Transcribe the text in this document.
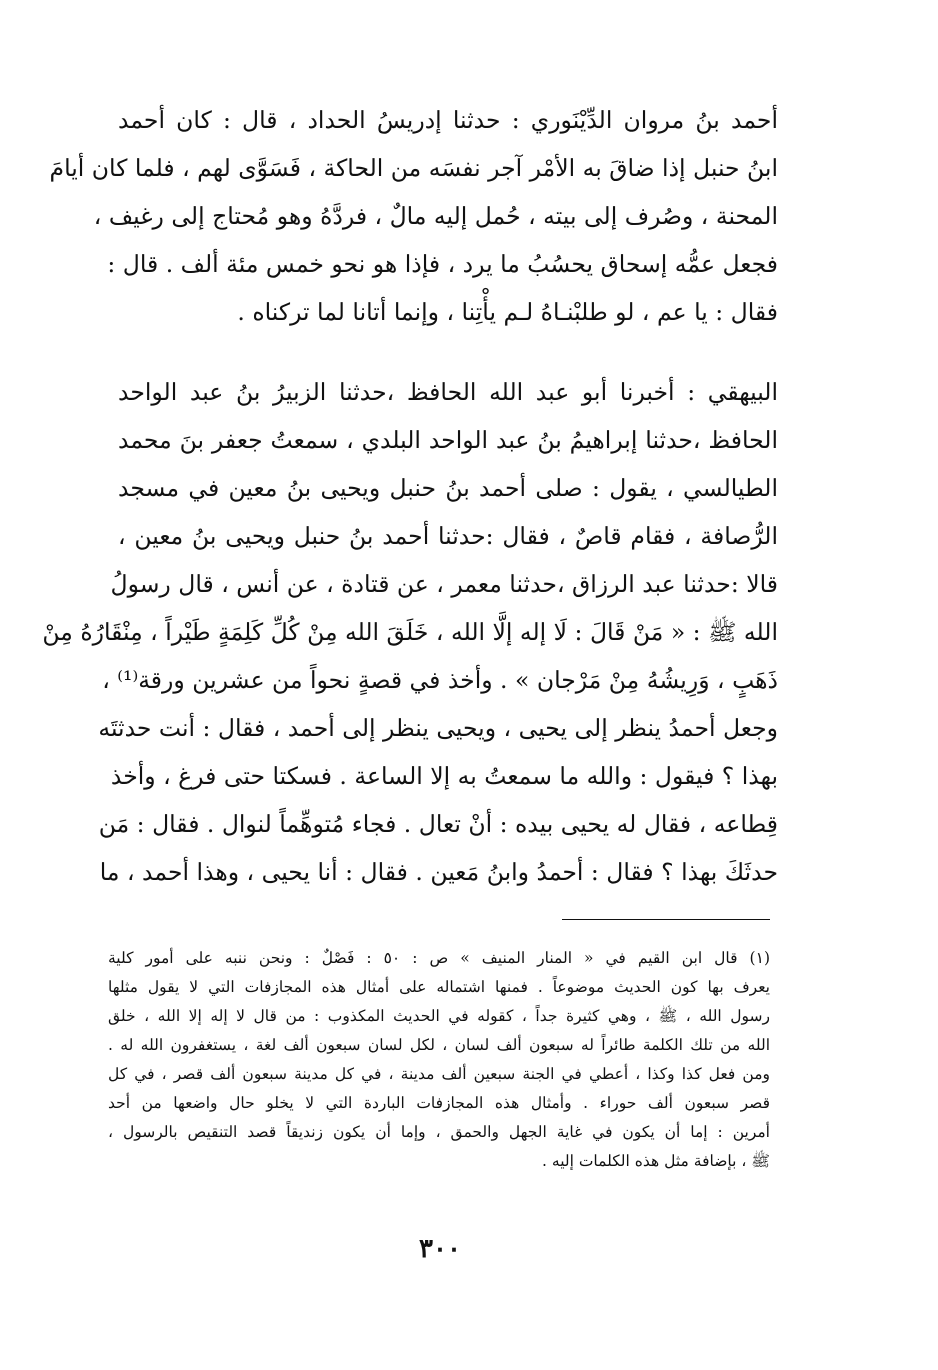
أحمد بنُ مروان الدِّيْنَوري : حدثنا إدريسُ الحداد ، قال : كان أحمد
ابنُ حنبل إذا ضاقَ به الأمْر آجر نفسَه من الحاكة ، فَسَوَّى لهم ، فلما كان أيامَ
المحنة ، وصُرف إلى بيته ، حُمل إليه مالٌ ، فردَّهُ وهو مُحتاج إلى رغيف ،
فجعل عمُّه إسحاق يحسُبُ ما يرد ، فإذا هو نحو خمس مئة ألف . قال :
فقال : يا عم ، لو طلبْنـاهُ لـم يأْتِنا ، وإنما أتانا لما تركناه .
البيهقي : أخبرنا أبو عبد الله الحافظ ،حدثنا الزبيرُ بنُ عبد الواحد
الحافظ ،حدثنا إبراهيمُ بنُ عبد الواحد البلدي ، سمعتُ جعفر بنَ محمد
الطيالسي ، يقول : صلى أحمد بنُ حنبل ويحيى بنُ معين في مسجد
الرُّصافة ، فقام قاصٌ ، فقال :حدثنا أحمد بنُ حنبل ويحيى بنُ معين ،
قالا :حدثنا عبد الرزاق ،حدثنا معمر ، عن قتادة ، عن أنس ، قال رسولُ
الله ﷺ : « مَنْ قَالَ : لَا إله إلَّا الله ، خَلَقَ الله مِنْ كُلِّ كَلِمَةٍ طَيْراً ، مِنْقَارُهُ مِنْ
ذَهَبٍ ، وَرِيشُهُ مِنْ مَرْجان » . وأخذ في قصةٍ نحواً من عشرين ورقة⁽¹⁾ ،
وجعل أحمدُ ينظر إلى يحيى ، ويحيى ينظر إلى أحمد ، فقال : أنت حدثتَه
بهذا ؟ فيقول : والله ما سمعتُ به إلا الساعة . فسكتا حتى فرغ ، وأخذ
قِطاعه ، فقال له يحيى بيده : أنْ تعال . فجاء مُتوهِّماً لنوال . فقال : مَن
حدثَكَ بهذا ؟ فقال : أحمدُ وابنُ مَعين . فقال : أنا يحيى ، وهذا أحمد ، ما
(١) قال ابن القيم في « المنار المنيف » ص : ٥٠ : فَصْلٌ : ونحن ننبه على أمور كلية
يعرف بها كون الحديث موضوعاً . فمنها اشتماله على أمثال هذه المجازفات التي لا يقول مثلها
رسول الله ، ﷺ ، وهي كثيرة جداً ، كقوله في الحديث المكذوب : من قال لا إله إلا الله ، خلق
الله من تلك الكلمة طائراً له سبعون ألف لسان ، لكل لسان سبعون ألف لغة ، يستغفرون الله له .
ومن فعل كذا وكذا ، أعطي في الجنة سبعين ألف مدينة ، في كل مدينة سبعون ألف قصر ، في كل
قصر سبعون ألف حوراء . وأمثال هذه المجازفات الباردة التي لا يخلو حال واضعها من أحد
أمرين : إما أن يكون في غاية الجهل والحمق ، وإما أن يكون زنديقاً قصد التنقيص بالرسول ،
ﷺ ، بإضافة مثل هذه الكلمات إليه .
٣٠٠
